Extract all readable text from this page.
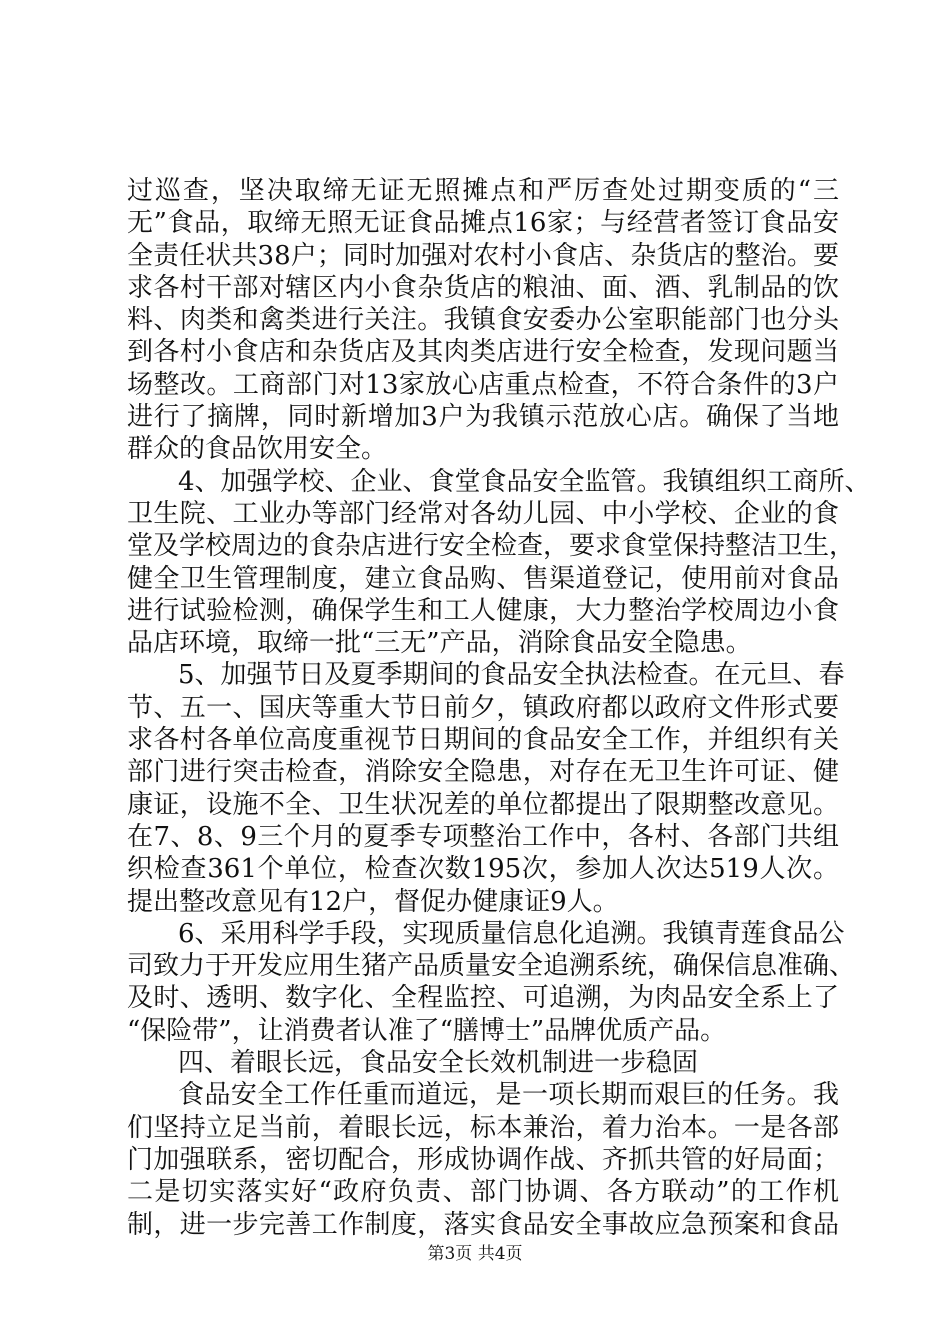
过巡查，坚决取缔无证无照摊点和严厉查处过期变质的“三
无”食品，取缔无照无证食品摊点16家；与经营者签订食品安
全责任状共38户；同时加强对农村小食店、杂货店的整治。要
求各村干部对辖区内小食杂货店的粮油、面、酒、乳制品的饮
料、肉类和禽类进行关注。我镇食安委办公室职能部门也分头
到各村小食店和杂货店及其肉类店进行安全检查，发现问题当
场整改。工商部门对13家放心店重点检查，不符合条件的3户
进行了摘牌，同时新增加3户为我镇示范放心店。确保了当地
群众的食品饮用安全。
4、加强学校、企业、食堂食品安全监管。我镇组织工商所、
卫生院、工业办等部门经常对各幼儿园、中小学校、企业的食
堂及学校周边的食杂店进行安全检查，要求食堂保持整洁卫生，
健全卫生管理制度，建立食品购、售渠道登记，使用前对食品
进行试验检测，确保学生和工人健康，大力整治学校周边小食
品店环境，取缔一批“三无”产品，消除食品安全隐患。
5、加强节日及夏季期间的食品安全执法检查。在元旦、春
节、五一、国庆等重大节日前夕，镇政府都以政府文件形式要
求各村各单位高度重视节日期间的食品安全工作，并组织有关
部门进行突击检查，消除安全隐患，对存在无卫生许可证、健
康证，设施不全、卫生状况差的单位都提出了限期整改意见。
在7、8、9三个月的夏季专项整治工作中，各村、各部门共组
织检查361个单位，检查次数195次，参加人次达519人次。
提出整改意见有12户，督促办健康证9人。
6、采用科学手段，实现质量信息化追溯。我镇青莲食品公
司致力于开发应用生猪产品质量安全追溯系统，确保信息准确、
及时、透明、数字化、全程监控、可追溯，为肉品安全系上了
“保险带”，让消费者认准了“膳博士”品牌优质产品。
四、着眼长远，食品安全长效机制进一步稳固
食品安全工作任重而道远，是一项长期而艰巨的任务。我
们坚持立足当前，着眼长远，标本兼治，着力治本。一是各部
门加强联系，密切配合，形成协调作战、齐抓共管的好局面；
二是切实落实好“政府负责、部门协调、各方联动”的工作机
制，进一步完善工作制度，落实食品安全事故应急预案和食品
第3页 共4页
